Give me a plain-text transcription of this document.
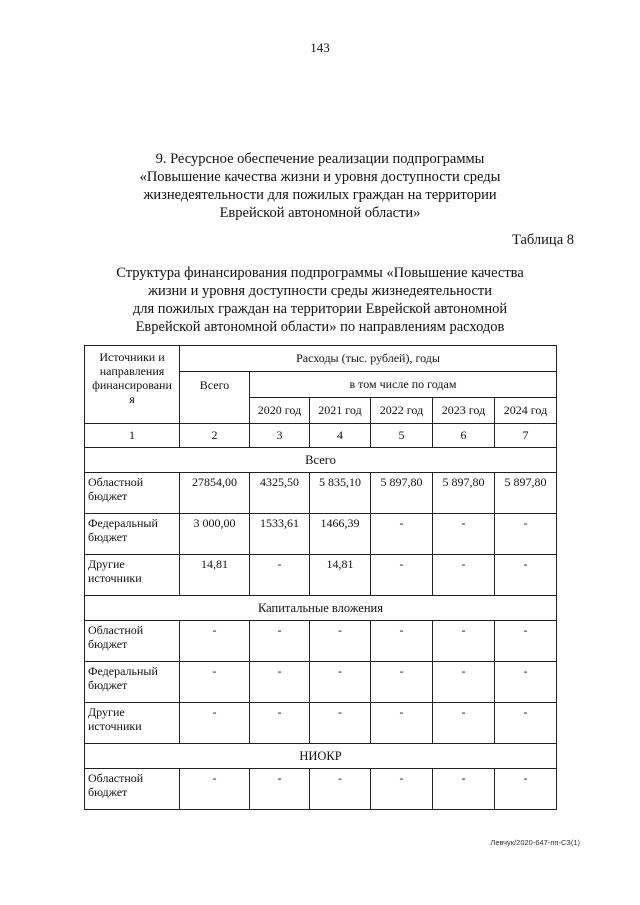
143
9. Ресурсное обеспечение реализации подпрограммы
«Повышение качества жизни и уровня доступности среды
жизнедеятельности для пожилых граждан на территории
Еврейской автономной области»
Таблица 8
Структура финансирования подпрограммы «Повышение качества
жизни и уровня доступности среды жизнедеятельности
для пожилых граждан на территории Еврейской автономной
Еврейской автономной области» по направлениям расходов
Источники и направления финансировани я	Расходы (тыс. рублей), годы					
	Всего	в том числе по годам				
		2020 год	2021 год	2022 год	2023 год	2024 год
1	2	3	4	5	6	7
Всего						
Областной бюджет	27854,00	4325,50	5 835,10	5 897,80	5 897,80	5 897,80
Федеральный бюджет	3 000,00	1533,61	1466,39	-	-	-
Другие источники	14,81	-	14,81	-	-	-
Капитальные вложения						
Областной бюджет	-	-	-	-	-	-
Федеральный бюджет	-	-	-	-	-	-
Другие источники	-	-	-	-	-	-
НИОКР						
Областной бюджет	-	-	-	-	-	-
Левчук/2020-647-пп-СЗ(1)
